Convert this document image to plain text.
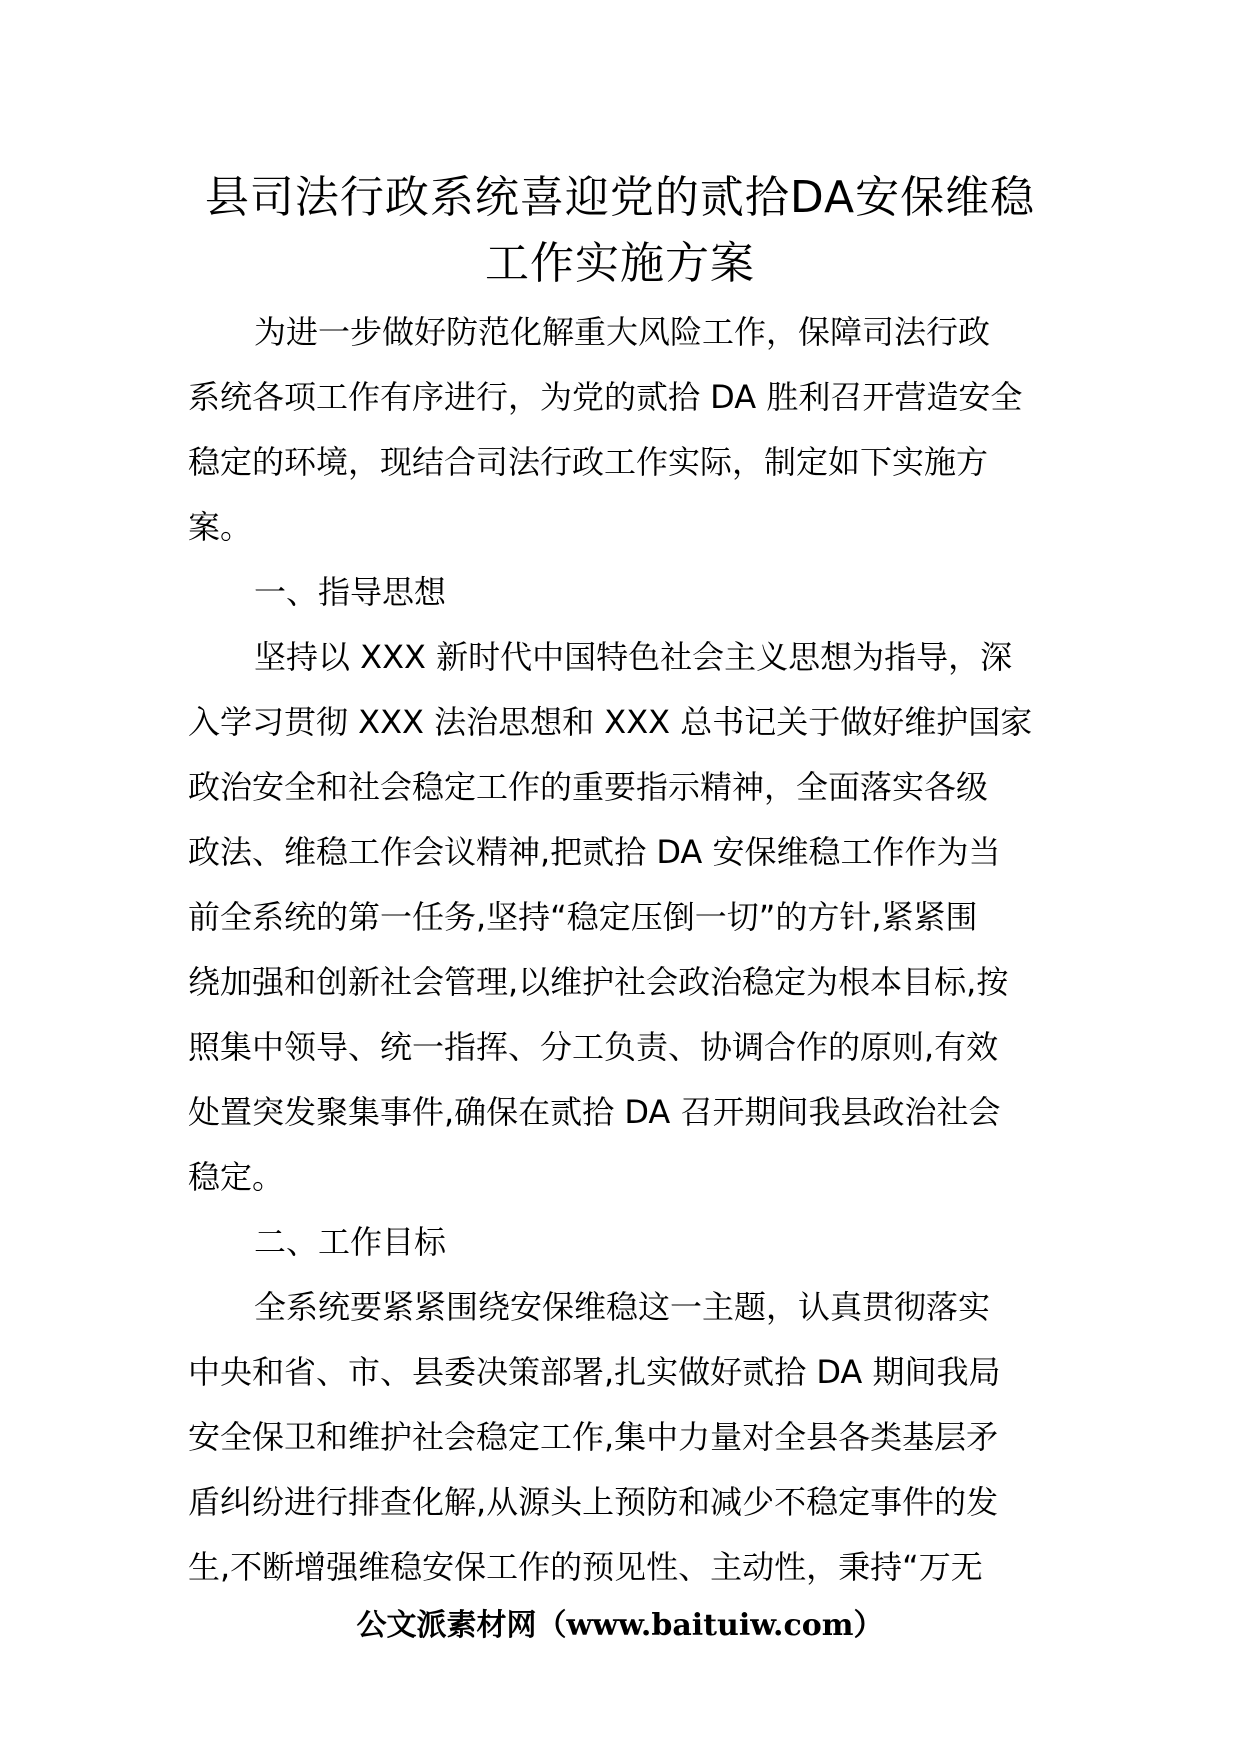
县司法行政系统喜迎党的贰拾DA安保维稳
工作实施方案
为进一步做好防范化解重大风险工作，保障司法行政
系统各项工作有序进行，为党的贰拾 DA 胜利召开营造安全
稳定的环境，现结合司法行政工作实际，制定如下实施方
案。
一、指导思想
坚持以 XXX 新时代中国特色社会主义思想为指导，深
入学习贯彻 XXX 法治思想和 XXX 总书记关于做好维护国家
政治安全和社会稳定工作的重要指示精神，全面落实各级
政法、维稳工作会议精神,把贰拾 DA 安保维稳工作作为当
前全系统的第一任务,坚持“稳定压倒一切”的方针,紧紧围
绕加强和创新社会管理,以维护社会政治稳定为根本目标,按
照集中领导、统一指挥、分工负责、协调合作的原则,有效
处置突发聚集事件,确保在贰拾 DA 召开期间我县政治社会
稳定。
二、工作目标
全系统要紧紧围绕安保维稳这一主题，认真贯彻落实
中央和省、市、县委决策部署,扎实做好贰拾 DA 期间我局
安全保卫和维护社会稳定工作,集中力量对全县各类基层矛
盾纠纷进行排查化解,从源头上预防和减少不稳定事件的发
生,不断增强维稳安保工作的预见性、主动性，秉持“万无
公文派素材网（www.baituiw.com）
